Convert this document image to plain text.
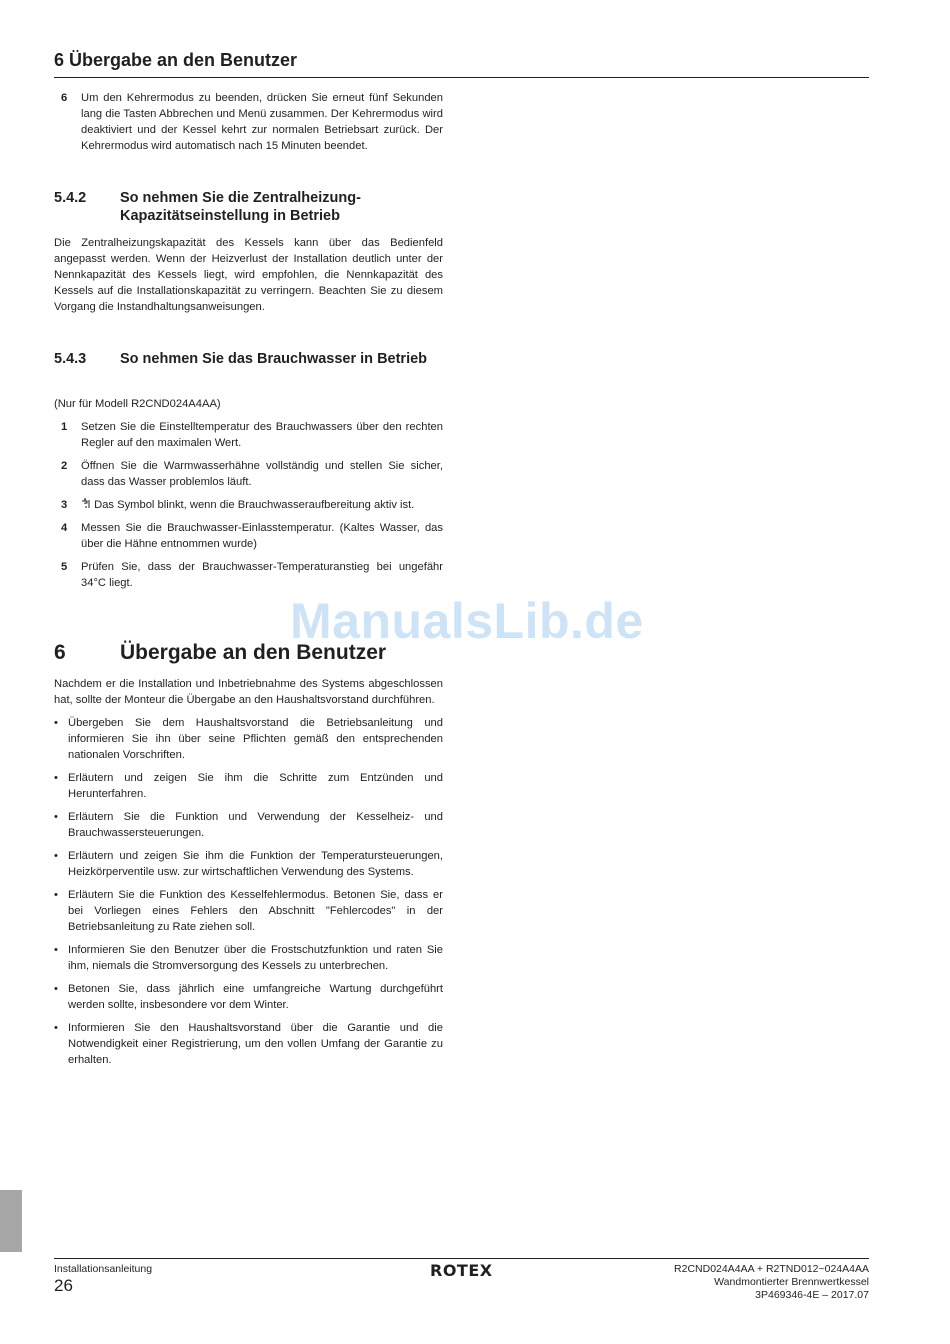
6 Übergabe an den Benutzer
6 Um den Kehrermodus zu beenden, drücken Sie erneut fünf Sekunden lang die Tasten Abbrechen und Menü zusammen. Der Kehrermodus wird deaktiviert und der Kessel kehrt zur normalen Betriebsart zurück. Der Kehrermodus wird automatisch nach 15 Minuten beendet.
5.4.2 So nehmen Sie die Zentralheizung-Kapazitätseinstellung in Betrieb

Die Zentralheizungskapazität des Kessels kann über das Bedienfeld angepasst werden. Wenn der Heizverlust der Installation deutlich unter der Nennkapazität des Kessels liegt, wird empfohlen, die Nennkapazität des Kessels auf die Installationskapazität zu verringern. Beachten Sie zu diesem Vorgang die Instandhaltungsanweisungen.

5.4.3 So nehmen Sie das Brauchwasser in Betrieb

(Nur für Modell R2CND024A4AA)

1 Setzen Sie die Einstelltemperatur des Brauchwassers über den rechten Regler auf den maximalen Wert.
2 Öffnen Sie die Warmwasserhähne vollständig und stellen Sie sicher, dass das Wasser problemlos läuft.
3 Das Symbol blinkt, wenn die Brauchwasseraufbereitung aktiv ist.
4 Messen Sie die Brauchwasser-Einlasstemperatur. (Kaltes Wasser, das über die Hähne entnommen wurde)
5 Prüfen Sie, dass der Brauchwasser-Temperaturanstieg bei ungefähr 34°C liegt.
ManualsLib.de
6	Übergabe an den Benutzer

Nachdem er die Installation und Inbetriebnahme des Systems abgeschlossen hat, sollte der Monteur die Übergabe an den Haushaltsvorstand durchführen.

• Übergeben Sie dem Haushaltsvorstand die Betriebsanleitung und informieren Sie ihn über seine Pflichten gemäß den entsprechenden nationalen Vorschriften.
• Erläutern und zeigen Sie ihm die Schritte zum Entzünden und Herunterfahren.
• Erläutern Sie die Funktion und Verwendung der Kesselheiz- und Brauchwassersteuerungen.
• Erläutern und zeigen Sie ihm die Funktion der Temperatursteuerungen, Heizkörperventile usw. zur wirtschaftlichen Verwendung des Systems.
• Erläutern Sie die Funktion des Kesselfehlermodus. Betonen Sie, dass er bei Vorliegen eines Fehlers den Abschnitt "Fehlercodes" in der Betriebsanleitung zu Rate ziehen soll.
• Informieren Sie den Benutzer über die Frostschutzfunktion und raten Sie ihm, niemals die Stromversorgung des Kessels zu unterbrechen.
• Betonen Sie, dass jährlich eine umfangreiche Wartung durchgeführt werden sollte, insbesondere vor dem Winter.
• Informieren Sie den Haushaltsvorstand über die Garantie und die Notwendigkeit einer Registrierung, um den vollen Umfang der Garantie zu erhalten.
Installationsanleitung
26
ROTEX	R2CND024A4AA + R2TND012~024A4AA
Wandmontierter Brennwertkessel
3P469346-4E – 2017.07
